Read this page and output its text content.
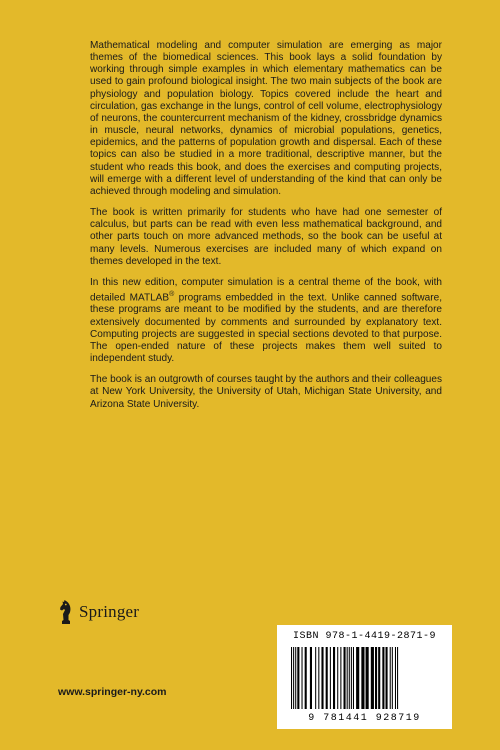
Mathematical modeling and computer simulation are emerging as major themes of the biomedical sciences. This book lays a solid foundation by working through simple examples in which elementary mathematics can be used to gain profound biological insight. The two main subjects of the book are physiology and population biology. Topics covered include the heart and circulation, gas exchange in the lungs, control of cell volume, electrophysiology of neurons, the countercurrent mechanism of the kidney, crossbridge dynamics in muscle, neural networks, dynamics of microbial populations, genetics, epidemics, and the patterns of population growth and dispersal. Each of these topics can also be studied in a more traditional, descriptive manner, but the student who reads this book, and does the exercises and computing projects, will emerge with a different level of understanding of the kind that can only be achieved through modeling and simulation.

The book is written primarily for students who have had one semester of calculus, but parts can be read with even less mathematical background, and other parts touch on more advanced methods, so the book can be useful at many levels. Numerous exercises are included many of which expand on themes developed in the text.

In this new edition, computer simulation is a central theme of the book, with detailed MATLAB® programs embedded in the text. Unlike canned software, these programs are meant to be modified by the students, and are therefore extensively documented by comments and surrounded by explanatory text. Computing projects are suggested in special sections devoted to that purpose. The open-ended nature of these projects makes them well suited to independent study.

The book is an outgrowth of courses taught by the authors and their colleagues at New York University, the University of Utah, Michigan State University, and Arizona State University.

Springer
www.springer-ny.com
ISBN 978-1-4419-2871-9
9 781441 928719
